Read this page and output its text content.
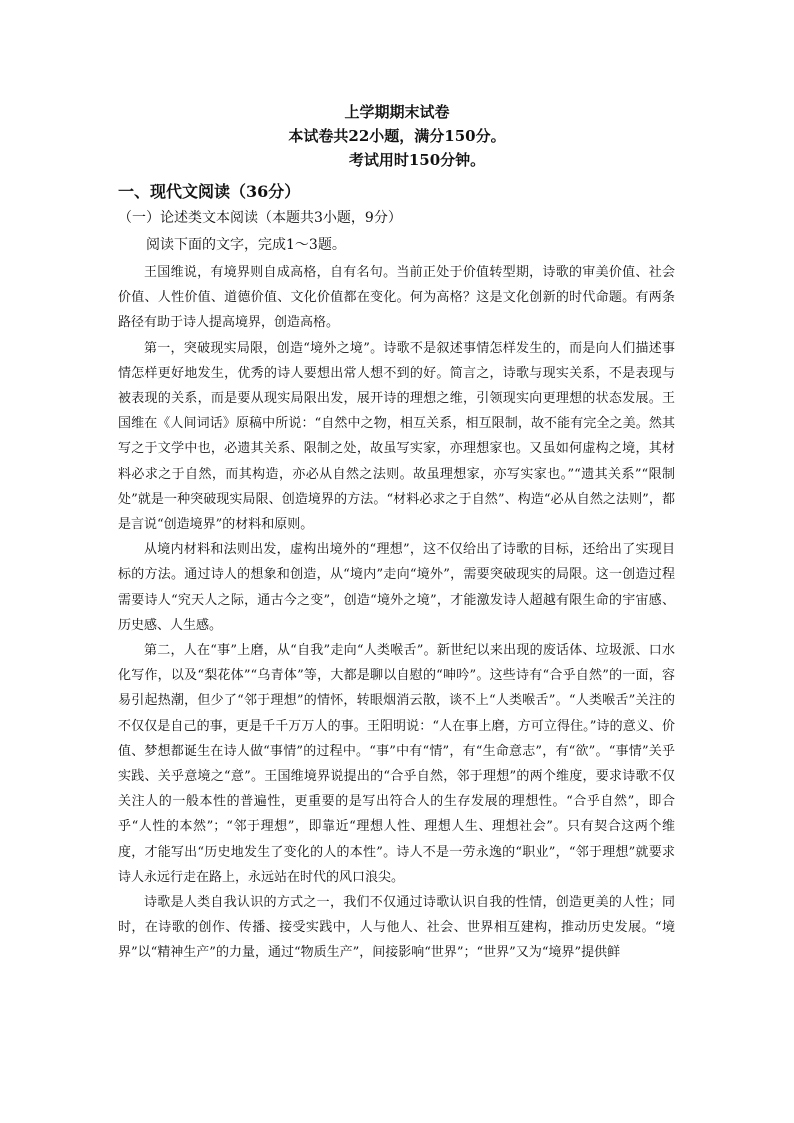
上学期期末试卷
本试卷共22小题，满分150分。
考试用时150分钟。
一、现代文阅读（36分）
（一）论述类文本阅读（本题共3小题，9分）
阅读下面的文字，完成1～3题。

王国维说，有境界则自成高格，自有名句。当前正处于价值转型期，诗歌的审美价值、社会价值、人性价值、道德价值、文化价值都在变化。何为高格？这是文化创新的时代命题。有两条路径有助于诗人提高境界，创造高格。

第一，突破现实局限，创造“境外之境”。诗歌不是叙述事情怎样发生的，而是向人们描述事情怎样更好地发生，优秀的诗人要想出常人想不到的好。简言之，诗歌与现实关系，不是表现与被表现的关系，而是要从现实局限出发，展开诗的理想之维，引领现实向更理想的状态发展。王国维在《人间词话》原稿中所说：“自然中之物，相互关系，相互限制，故不能有完全之美。然其写之于文学中也，必遗其关系、限制之处，故虽写实家，亦理想家也。又虽如何虚构之境，其材料必求之于自然，而其构造，亦必从自然之法则。故虽理想家，亦写实家也。”“遗其关系”“限制处”就是一种突破现实局限、创造境界的方法。“材料必求之于自然”、构造“必从自然之法则”，都是言说“创造境界”的材料和原则。

从境内材料和法则出发，虚构出境外的“理想”，这不仅给出了诗歌的目标，还给出了实现目标的方法。通过诗人的想象和创造，从“境内”走向“境外”，需要突破现实的局限。这一创造过程需要诗人“究天人之际，通古今之变”，创造“境外之境”，才能激发诗人超越有限生命的宇宙感、历史感、人生感。

第二，人在“事”上磨，从“自我”走向“人类喉舌”。新世纪以来出现的废话体、垃圾派、口水化写作，以及“梨花体”“乌青体”等，大都是聊以自慰的“呻吟”。这些诗有“合乎自然”的一面，容易引起热潮，但少了“邻于理想”的情怀，转眼烟消云散，谈不上“人类喉舌”。“人类喉舌”关注的不仅仅是自己的事，更是千千万万人的事。王阳明说：“人在事上磨，方可立得住。”诗的意义、价值、梦想都诞生在诗人做“事情”的过程中。“事”中有“情”，有“生命意志”，有“欲”。“事情”关乎实践、关乎意境之“意”。王国维境界说提出的“合乎自然，邻于理想”的两个维度，要求诗歌不仅关注人的一般本性的普遍性，更重要的是写出符合人的生存发展的理想性。“合乎自然”，即合乎“人性的本然”；“邻于理想”，即靠近“理想人性、理想人生、理想社会”。只有契合这两个维度，才能写出“历史地发生了变化的人的本性”。诗人不是一劳永逸的“职业”，“邻于理想”就要求诗人永远行走在路上，永远站在时代的风口浪尖。

诗歌是人类自我认识的方式之一，我们不仅通过诗歌认识自我的性情，创造更美的人性；同时，在诗歌的创作、传播、接受实践中，人与他人、社会、世界相互建构，推动历史发展。“境界”以“精神生产”的力量，通过“物质生产”，间接影响“世界”；“世界”又为“境界”提供鲜
